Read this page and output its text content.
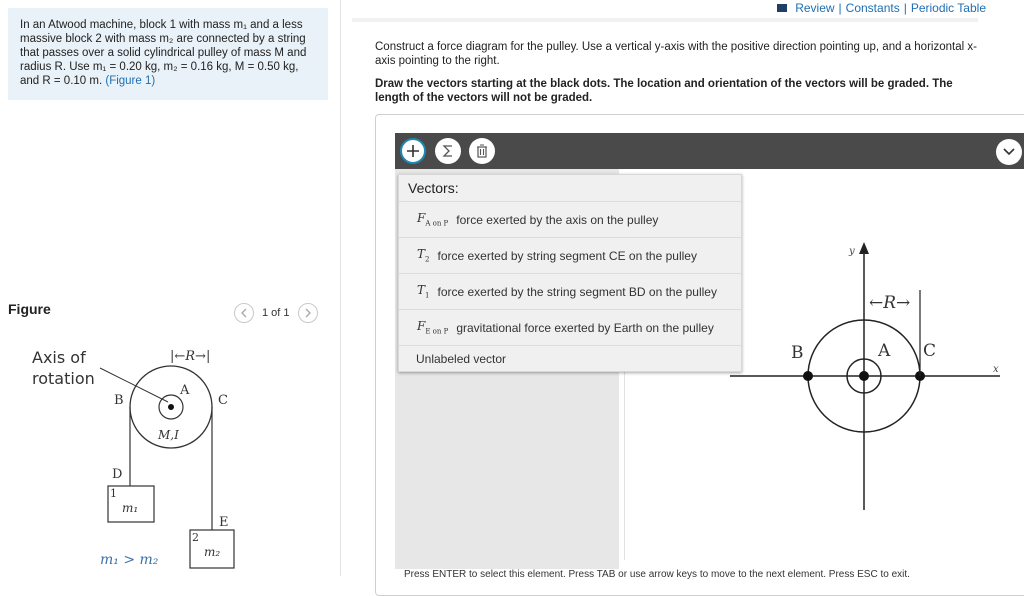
In an Atwood machine, block 1 with mass m₁ and a less massive block 2 with mass m₂ are connected by a string that passes over a solid cylindrical pulley of mass M and radius R. Use m₁ = 0.20 kg, m₂ = 0.16 kg, M = 0.50 kg, and R = 0.10 m. (Figure 1)
Figure	1 of 1
Axis of
rotation
|←R→|
A
B	C
M,I
D
E
1
m₁
2
m₂
m₁ > m₂
Review | Constants | Periodic Table
Construct a force diagram for the pulley. Use a vertical y-axis with the positive direction pointing up, and a horizontal x-axis pointing to the right.
Draw the vectors starting at the black dots. The location and orientation of the vectors will be graded. The length of the vectors will not be graded.
y
x
←R→
A
B	C
Vectors:
$F_{A on P}$ force exerted by the axis on the pulley
$T_2$ force exerted by string segment CE on the pulley
$T_1$ force exerted by the string segment BD on the pulley
$F_{E on P}$ gravitational force exerted by Earth on the pulley
Unlabeled vector
Press ENTER to select this element. Press TAB or use arrow keys to move to the next element. Press ESC to exit.
